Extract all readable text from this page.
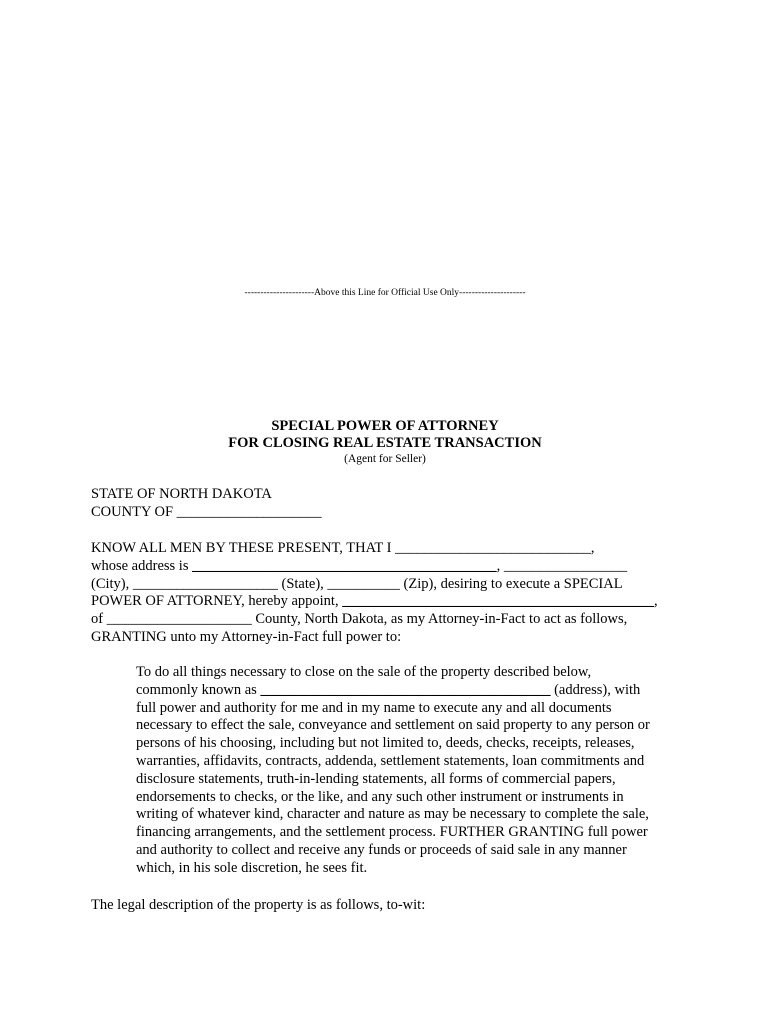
----------------------Above this Line for Official Use Only---------------------
SPECIAL POWER OF ATTORNEY
FOR CLOSING REAL ESTATE TRANSACTION
(Agent for Seller)
STATE OF NORTH DAKOTA
COUNTY OF ____________________
KNOW ALL MEN BY THESE PRESENT, THAT I ___________________________,
whose address is __________________________________________, _________________
(City), ____________________ (State), __________ (Zip), desiring to execute a SPECIAL
POWER OF ATTORNEY, hereby appoint, ___________________________________________,
of ____________________ County, North Dakota, as my Attorney-in-Fact to act as follows,
GRANTING unto my Attorney-in-Fact full power to:
To do all things necessary to close on the sale of the property described below,
commonly known as ________________________________________ (address), with
full power and authority for me and in my name to execute any and all documents
necessary to effect the sale, conveyance and settlement on said property to any person or
persons of his choosing, including but not limited to, deeds, checks, receipts, releases,
warranties, affidavits, contracts, addenda, settlement statements, loan commitments and
disclosure statements, truth-in-lending statements, all forms of commercial papers,
endorsements to checks, or the like, and any such other instrument or instruments in
writing of whatever kind, character and nature as may be necessary to complete the sale,
financing arrangements, and the settlement process. FURTHER GRANTING full power
and authority to collect and receive any funds or proceeds of said sale in any manner
which, in his sole discretion, he sees fit.
The legal description of the property is as follows, to-wit:
